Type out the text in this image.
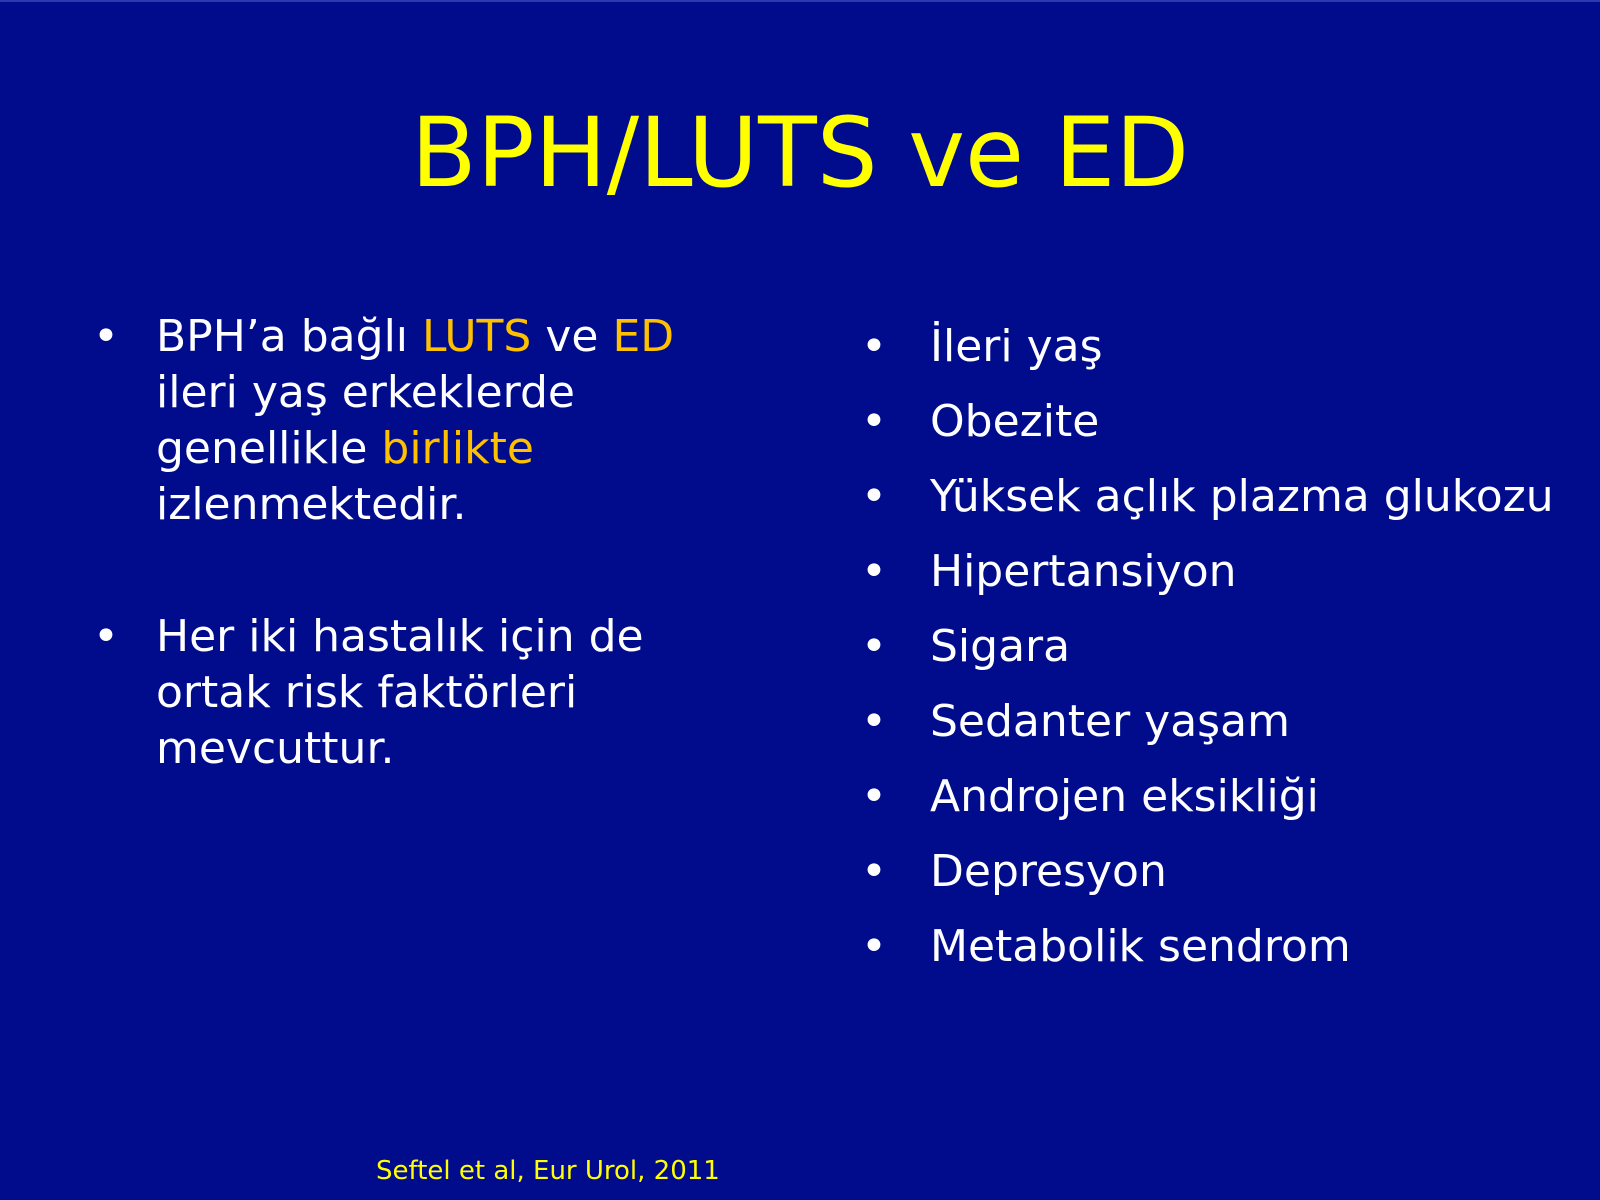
BPH/LUTS ve ED
• BPH’a bağlı LUTS ve ED ileri yaş erkeklerde genellikle birlikte izlenmektedir.
• Her iki hastalık için de ortak risk faktörleri mevcuttur.
• İleri yaş
• Obezite
• Yüksek açlık plazma glukozu
• Hipertansiyon
• Sigara
• Sedanter yaşam
• Androjen eksikliği
• Depresyon
• Metabolik sendrom
Seftel et al, Eur Urol, 2011
